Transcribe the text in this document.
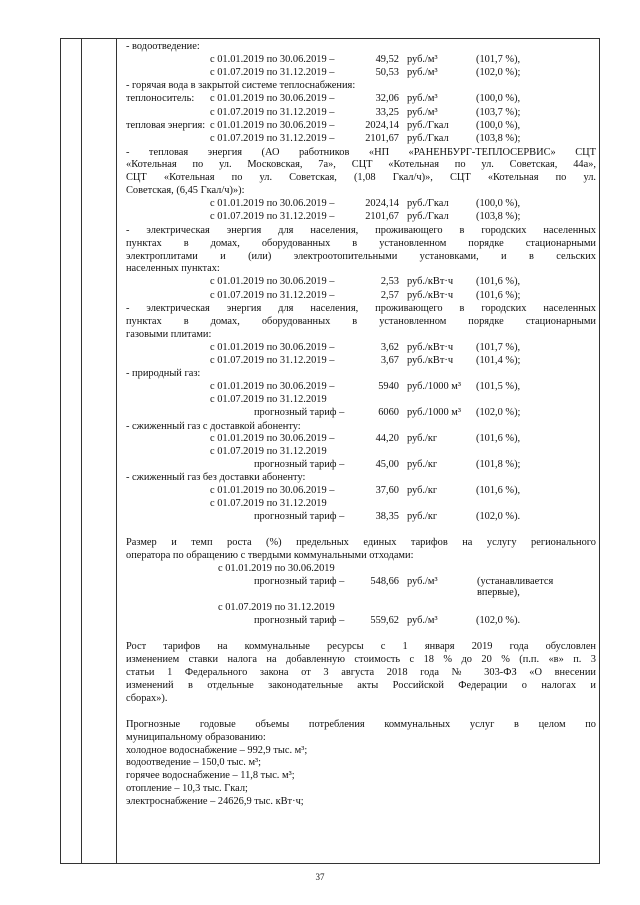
- водоотведение:
с 01.01.2019 по 30.06.2019 –	49,52 руб./м³	(101,7 %),
с 01.07.2019 по 31.12.2019 –	50,53 руб./м³	(102,0 %);
- горячая вода в закрытой системе теплоснабжения:
теплоноситель: с 01.01.2019 по 30.06.2019 –	32,06 руб./м³	(100,0 %),
с 01.07.2019 по 31.12.2019 –	33,25 руб./м³	(103,7 %);
тепловая энергия: с 01.01.2019 по 30.06.2019 –	2024,14 руб./Гкал	(100,0 %),
с 01.07.2019 по 31.12.2019 –	2101,67 руб./Гкал	(103,8 %);
- тепловая энергия (АО работников «НП «РАНЕНБУРГ-ТЕПЛОСЕРВИС» СЦТ
«Котельная по ул. Московская, 7а», СЦТ «Котельная по ул. Советская, 44а»,
СЦТ «Котельная по ул. Советская, (1,08 Гкал/ч)», СЦТ «Котельная по ул.
Советская, (6,45 Гкал/ч)»):
с 01.01.2019 по 30.06.2019 –	2024,14 руб./Гкал	(100,0 %),
с 01.07.2019 по 31.12.2019 –	2101,67 руб./Гкал	(103,8 %);
- электрическая энергия для населения, проживающего в городских населенных
пунктах в домах, оборудованных в установленном порядке стационарными
электроплитами и (или) электроотопительными установками, и в сельских
населенных пунктах:
с 01.01.2019 по 30.06.2019 –	2,53 руб./кВт·ч (101,6 %),
с 01.07.2019 по 31.12.2019 –	2,57 руб./кВт·ч (101,6 %);
- электрическая энергия для населения, проживающего в городских населенных
пунктах в домах, оборудованных в установленном порядке стационарными
газовыми плитами:
с 01.01.2019 по 30.06.2019 –	3,62 руб./кВт·ч (101,7 %),
с 01.07.2019 по 31.12.2019 –	3,67 руб./кВт·ч (101,4 %);
- природный газ:
с 01.01.2019 по 30.06.2019 –	5940 руб./1000 м³ (101,5 %),
с 01.07.2019 по 31.12.2019
прогнозный тариф –	6060 руб./1000 м³ (102,0 %);
- сжиженный газ с доставкой абоненту:
с 01.01.2019 по 30.06.2019 –	44,20 руб./кг	(101,6 %),
с 01.07.2019 по 31.12.2019
прогнозный тариф –	45,00 руб./кг	(101,8 %);
- сжиженный газ без доставки абоненту:
с 01.01.2019 по 30.06.2019 –	37,60 руб./кг	(101,6 %),
с 01.07.2019 по 31.12.2019
прогнозный тариф –	38,35 руб./кг	(102,0 %).
Размер и темп роста (%) предельных единых тарифов на услугу регионального
оператора по обращению с твердыми коммунальными отходами:
с 01.01.2019 по 30.06.2019
прогнозный тариф –	548,66 руб./м³	(устанавливается впервые),
с 01.07.2019 по 31.12.2019
прогнозный тариф –	559,62 руб./м³	(102,0 %).
Рост тарифов на коммунальные ресурсы с 1 января 2019 года обусловлен
изменением ставки налога на добавленную стоимость с 18 % до 20 % (п.п. «в» п. 3
статьи 1 Федерального закона от 3 августа 2018 года № 303-ФЗ «О внесении
изменений в отдельные законодательные акты Российской Федерации о налогах и
сборах»).
Прогнозные годовые объемы потребления коммунальных услуг в целом по
муниципальному образованию:
холодное водоснабжение – 992,9 тыс. м³;
водоотведение – 150,0 тыс. м³;
горячее водоснабжение – 11,8 тыс. м³;
отопление – 10,3 тыс. Гкал;
электроснабжение – 24626,9 тыс. кВт·ч;
37
